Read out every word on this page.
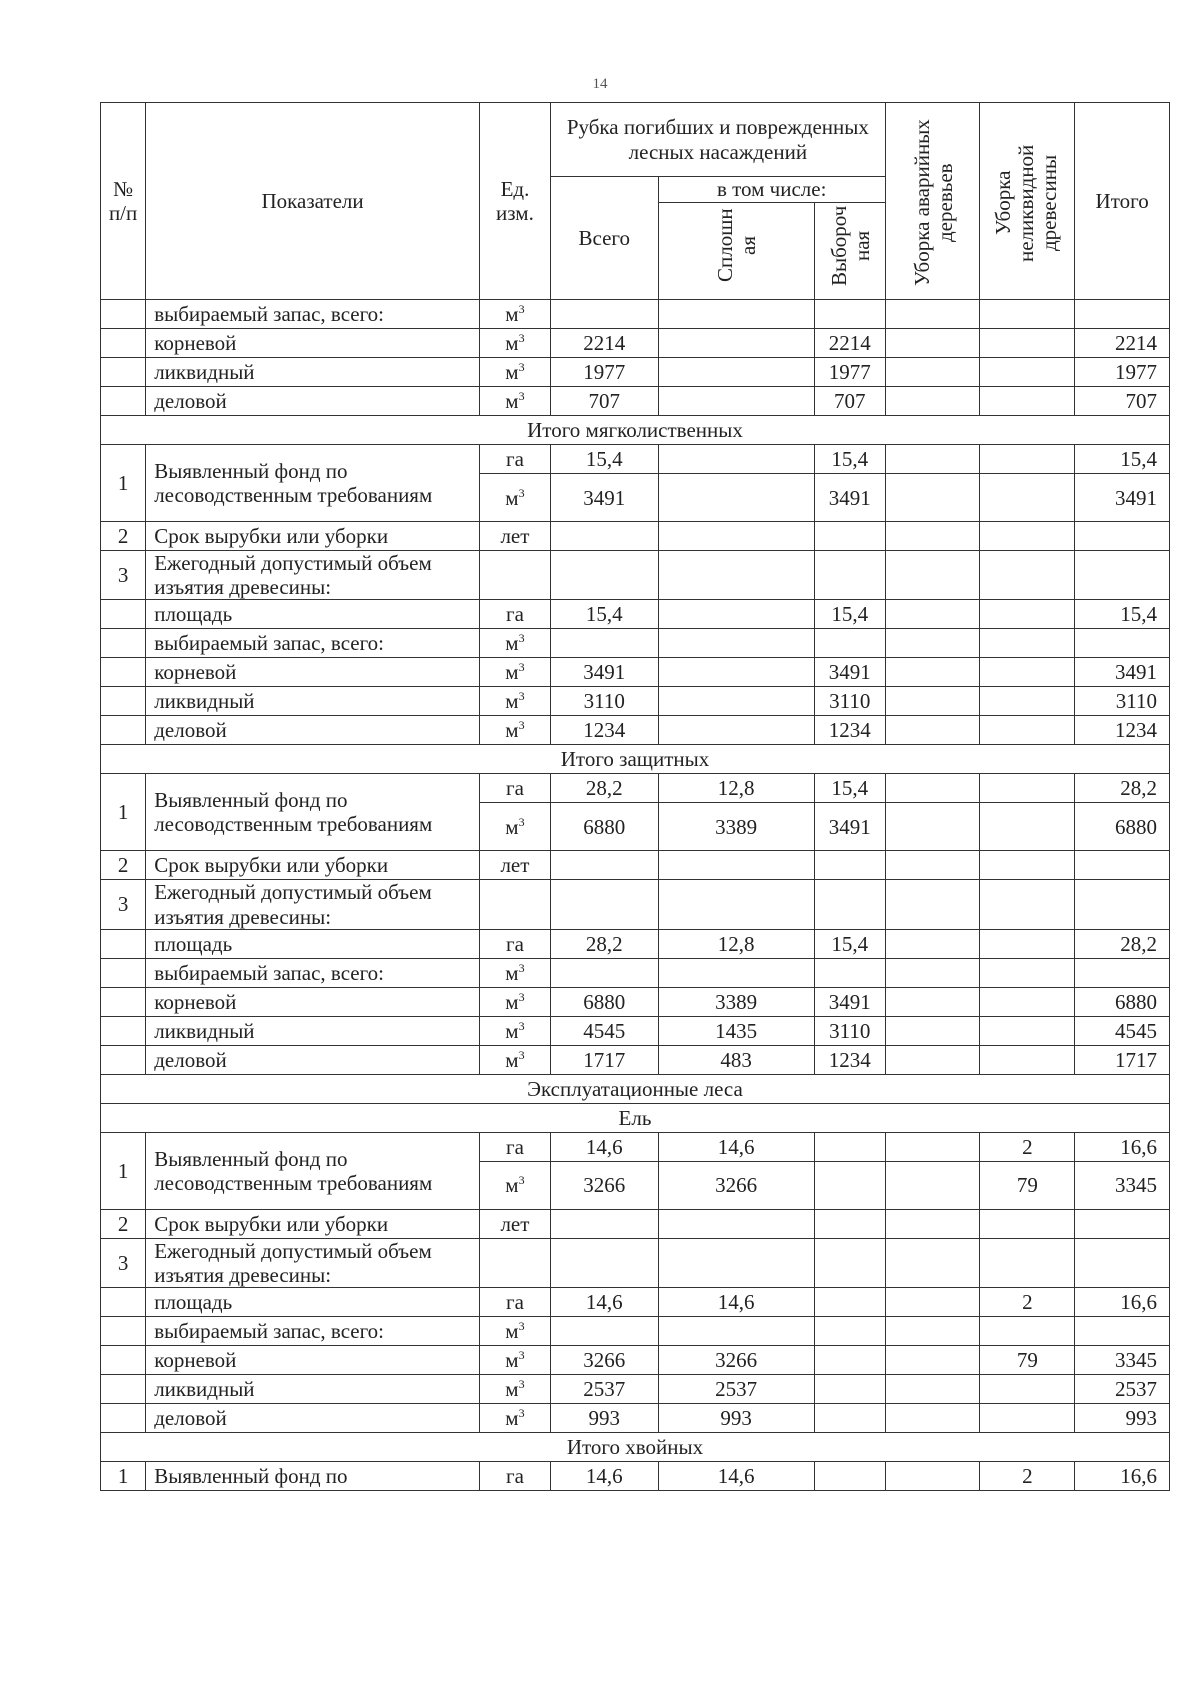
14
№ п/п	Показатели	Ед. изм.	Рубка погибших и поврежденных лесных насаждений			Уборка аварийных деревьев	Уборка неликвидной древесины	Итого
			Всего	в том числе:				
				Сплошн ая	Выбороч ная			
	выбираемый запас, всего:	$м^3$						
	корневой	$м^3$	2214		2214			2214
	ликвидный	$м^3$	1977		1977			1977
	деловой	$м^3$	707		707			707
Итого мягколиственных								
1	Выявленный фонд по лесоводственным требованиям	га	15,4		15,4			15,4
		$м^3$	3491		3491			3491
2	Срок вырубки или уборки	лет						
3	Ежегодный допустимый объем изъятия древесины:							
	площадь	га	15,4		15,4			15,4
	выбираемый запас, всего:	$м^3$						
	корневой	$м^3$	3491		3491			3491
	ликвидный	$м^3$	3110		3110			3110
	деловой	$м^3$	1234		1234			1234
Итого защитных								
1	Выявленный фонд по лесоводственным требованиям	га	28,2	12,8	15,4			28,2
		$м^3$	6880	3389	3491			6880
2	Срок вырубки или уборки	лет						
3	Ежегодный допустимый объем изъятия древесины:							
	площадь	га	28,2	12,8	15,4			28,2
	выбираемый запас, всего:	$м^3$						
	корневой	$м^3$	6880	3389	3491			6880
	ликвидный	$м^3$	4545	1435	3110			4545
	деловой	$м^3$	1717	483	1234			1717
Эксплуатационные леса								
Ель								
1	Выявленный фонд по лесоводственным требованиям	га	14,6	14,6			2	16,6
		$м^3$	3266	3266			79	3345
2	Срок вырубки или уборки	лет						
3	Ежегодный допустимый объем изъятия древесины:							
	площадь	га	14,6	14,6			2	16,6
	выбираемый запас, всего:	$м^3$						
	корневой	$м^3$	3266	3266			79	3345
	ликвидный	$м^3$	2537	2537				2537
	деловой	$м^3$	993	993				993
Итого хвойных								
1	Выявленный фонд по	га	14,6	14,6			2	16,6
